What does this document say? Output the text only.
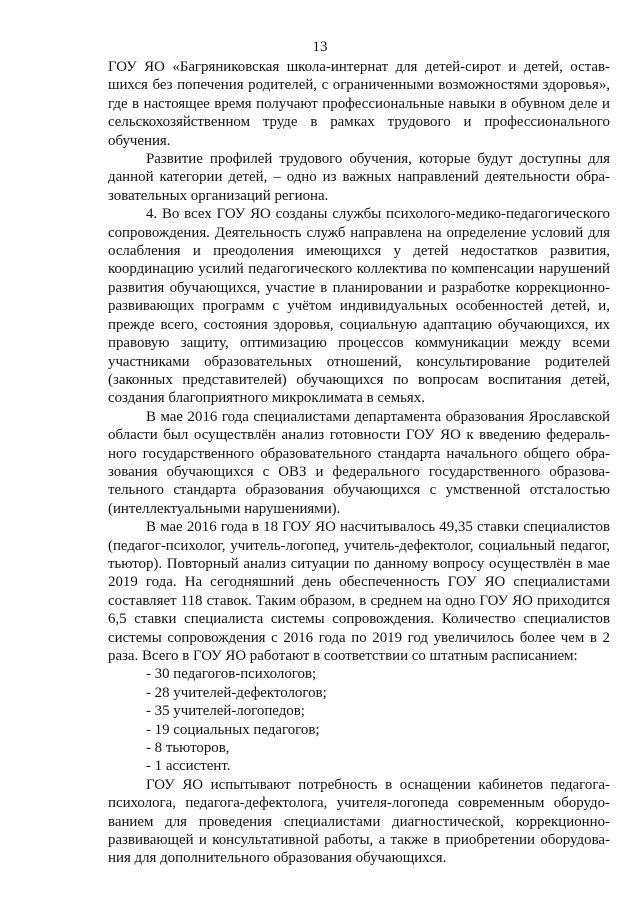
13

ГОУ ЯО «Багряниковская школа-интернат для детей-сирот и детей, оставшихся без попечения родителей, с ограниченными возможностями здоровья», где в настоящее время получают профессиональные навыки в обувном деле и сельскохозяйственном труде в рамках трудового и профессионального обучения.

Развитие профилей трудового обучения, которые будут доступны для данной категории детей, – одно из важных направлений деятельности образовательных организаций региона.

4. Во всех ГОУ ЯО созданы службы психолого-медико-педагогического сопровождения. Деятельность служб направлена на определение условий для ослабления и преодоления имеющихся у детей недостатков развития, координацию усилий педагогического коллектива по компенсации нарушений развития обучающихся, участие в планировании и разработке коррекционно-развивающих программ с учётом индивидуальных особенностей детей, и, прежде всего, состояния здоровья, социальную адаптацию обучающихся, их правовую защиту, оптимизацию процессов коммуникации между всеми участниками образовательных отношений, консультирование родителей (законных представителей) обучающихся по вопросам воспитания детей, создания благоприятного микроклимата в семьях.

В мае 2016 года специалистами департамента образования Ярославской области был осуществлён анализ готовности ГОУ ЯО к введению федерального государственного образовательного стандарта начального общего образования обучающихся с ОВЗ и федерального государственного образовательного стандарта образования обучающихся с умственной отсталостью (интеллектуальными нарушениями).

В мае 2016 года в 18 ГОУ ЯО насчитывалось 49,35 ставки специалистов (педагог-психолог, учитель-логопед, учитель-дефектолог, социальный педагог, тьютор). Повторный анализ ситуации по данному вопросу осуществлён в мае 2019 года. На сегодняшний день обеспеченность ГОУ ЯО специалистами составляет 118 ставок. Таким образом, в среднем на одно ГОУ ЯО приходится 6,5 ставки специалиста системы сопровождения. Количество специалистов системы сопровождения с 2016 года по 2019 год увеличилось более чем в 2 раза. Всего в ГОУ ЯО работают в соответствии со штатным расписанием:

- 30 педагогов-психологов;
- 28 учителей-дефектологов;
- 35 учителей-логопедов;
- 19 социальных педагогов;
- 8 тьюторов,
- 1 ассистент.

ГОУ ЯО испытывают потребность в оснащении кабинетов педагога-психолога, педагога-дефектолога, учителя-логопеда современным оборудованием для проведения специалистами диагностической, коррекционно-развивающей и консультативной работы, а также в приобретении оборудования для дополнительного образования обучающихся.
